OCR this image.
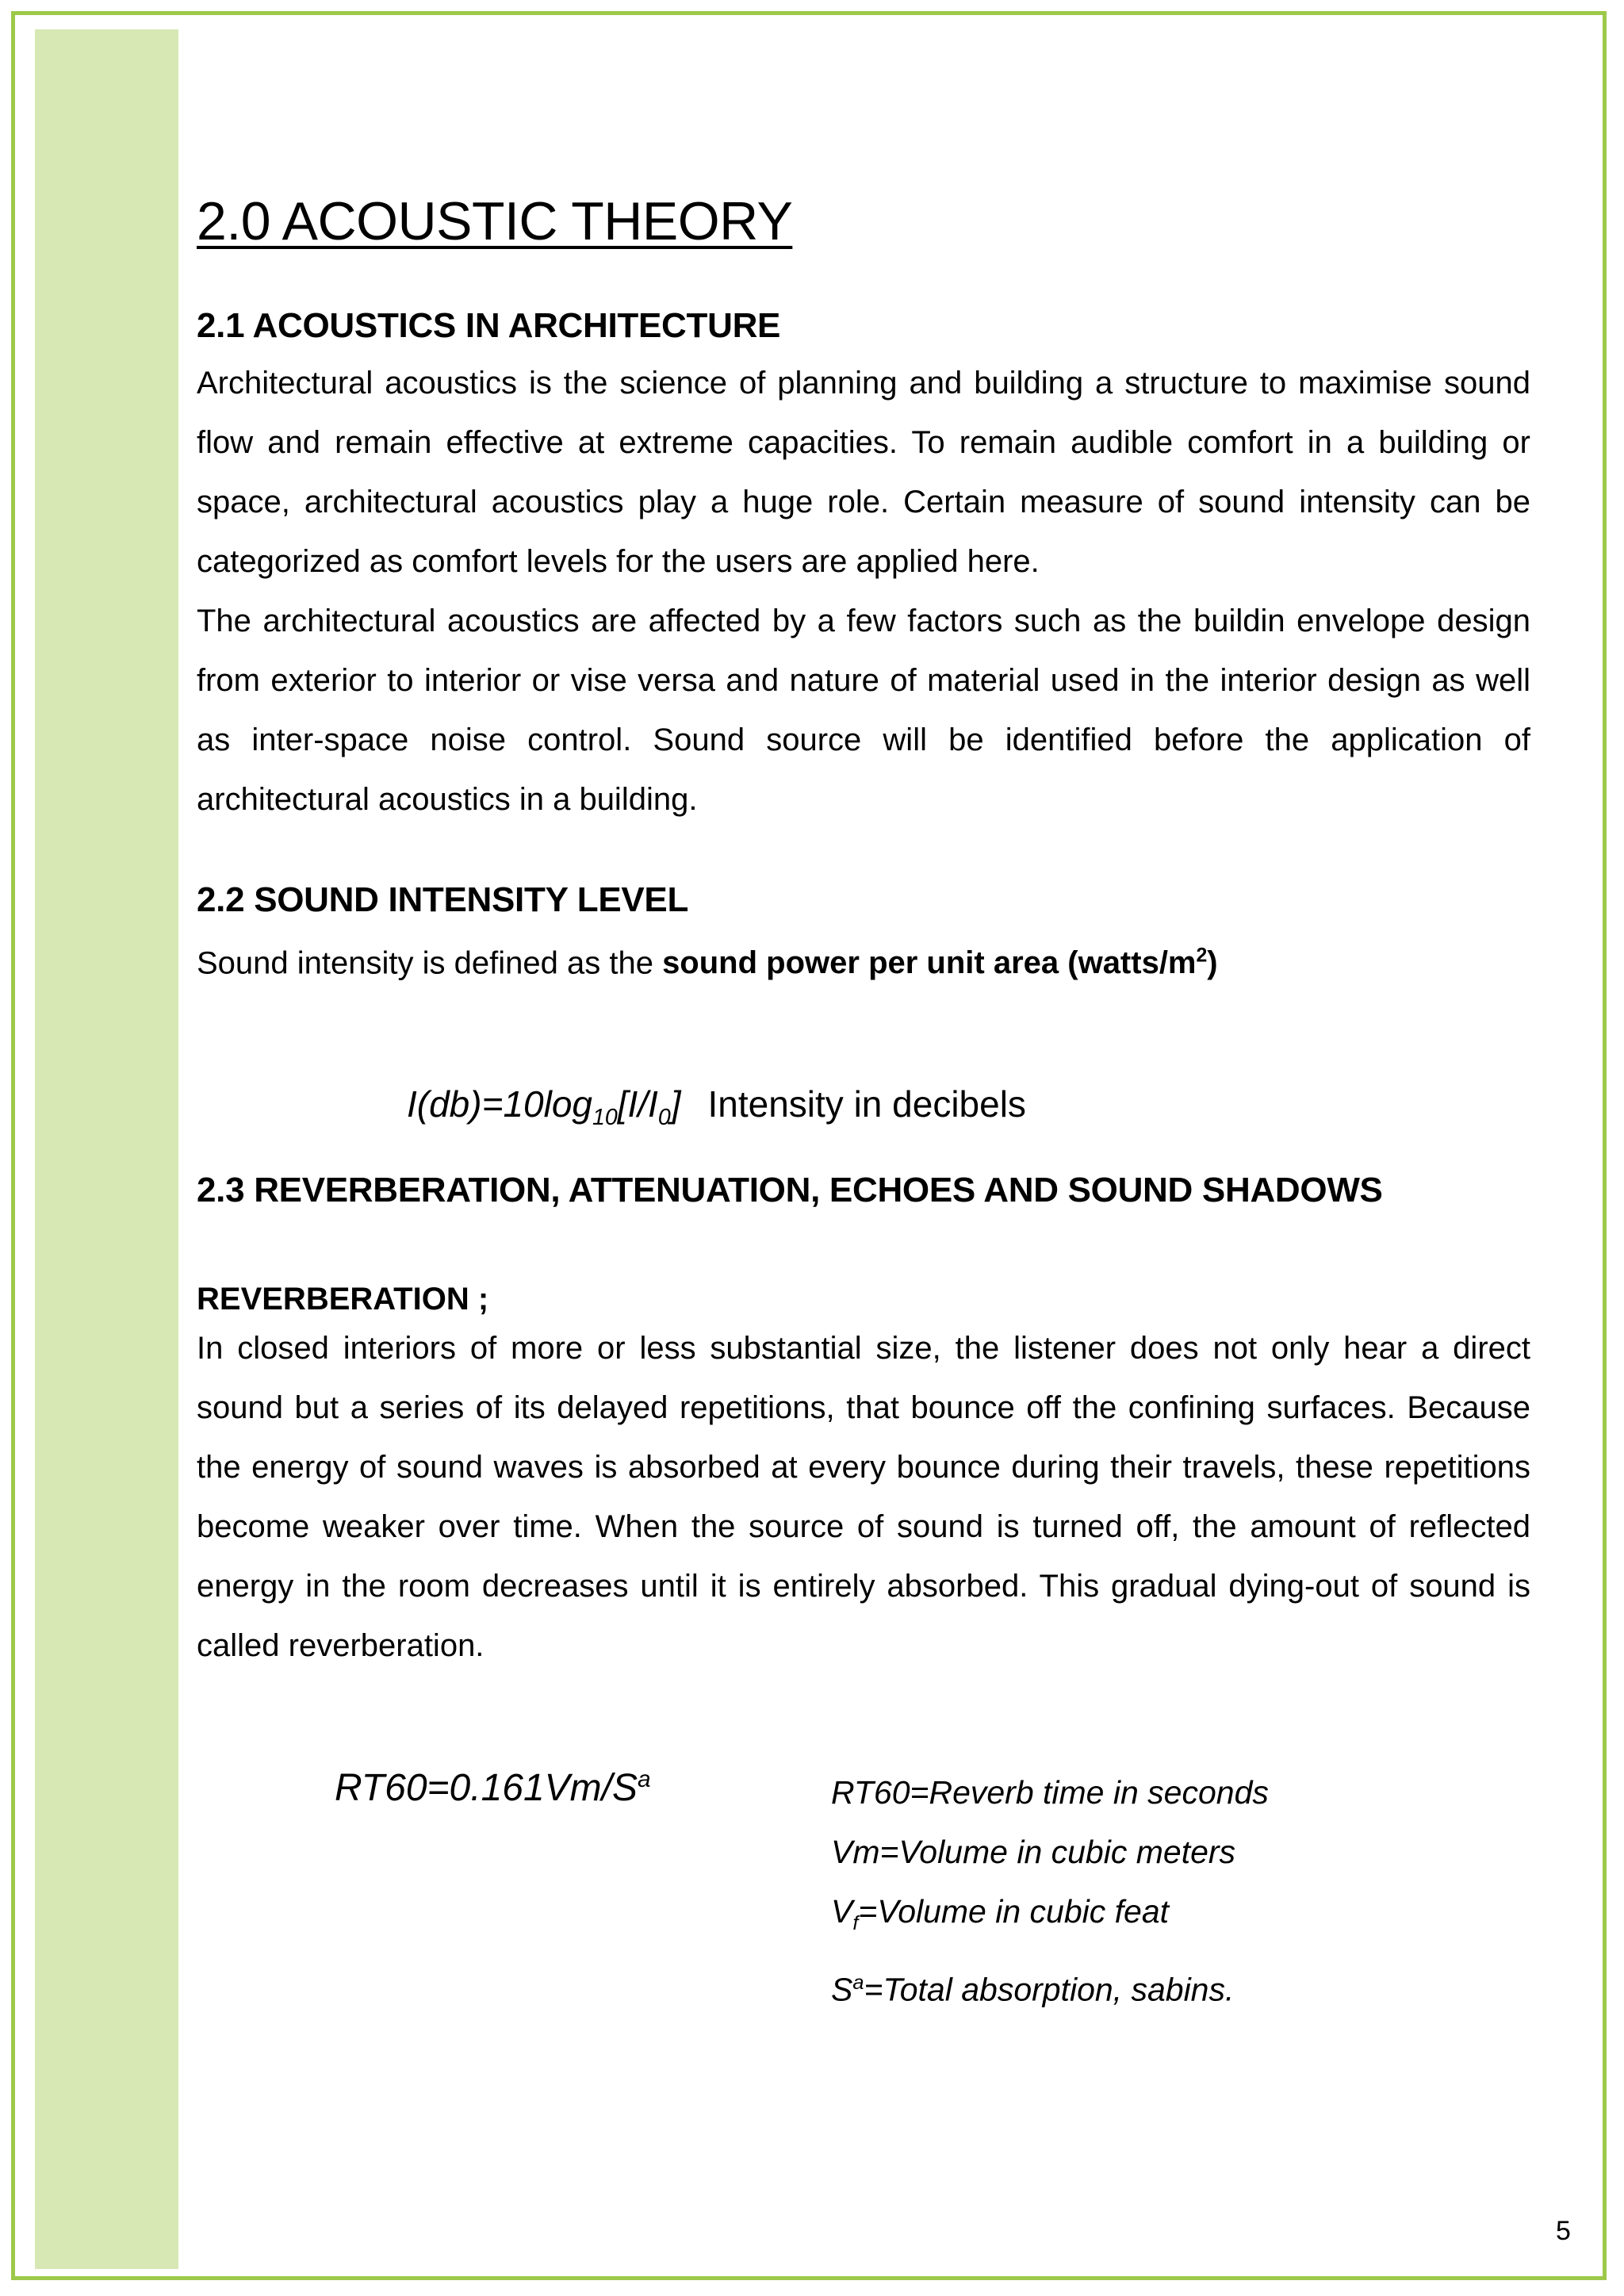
2.0 ACOUSTIC THEORY
2.1 ACOUSTICS IN ARCHITECTURE

Architectural acoustics is the science of planning and building a structure to maximise sound flow and remain effective at extreme capacities. To remain audible comfort in a building or space, architectural acoustics play a huge role. Certain measure of sound intensity can be categorized as comfort levels for the users are applied here.

The architectural acoustics are affected by a few factors such as the buildin envelope design from exterior to interior or vise versa and nature of material used in the interior design as well as inter-space noise control. Sound source will be identified before the application of architectural acoustics in a building.

2.2 SOUND INTENSITY LEVEL

Sound intensity is defined as the sound power per unit area $(watts/m^2)$

$I(db)=10\log_{10}[I/I_0]$ Intensity in decibels
2.3 REVERBERATION, ATTENUATION, ECHOES AND SOUND SHADOWS
REVERBERATION ;

In closed interiors of more or less substantial size, the listener does not only hear a direct sound but a series of its delayed repetitions, that bounce off the confining surfaces. Because the energy of sound waves is absorbed at every bounce during their travels, these repetitions become weaker over time. When the source of sound is turned off, the amount of reflected energy in the room decreases until it is entirely absorbed. This gradual dying-out of sound is called reverberation.

$RT60=0.161Vm/S^a$	RT60=Reverb time in seconds
Vm=Volume in cubic meters
$V_f=Volume$ in cubic feat
$S^a=Total$ absorption, sabins.
5
